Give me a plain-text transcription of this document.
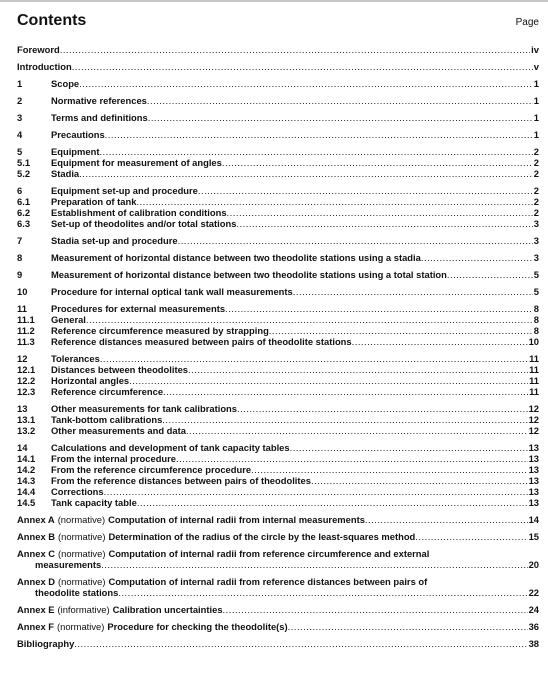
Contents	Page
Foreword .....	iv
Introduction .....	v
1	Scope .....	1
2	Normative references .....	1
3	Terms and definitions .....	1
4	Precautions .....	1
5	Equipment .....	2
5.1	Equipment for measurement of angles .....	2
5.2	Stadia .....	2
6	Equipment set-up and procedure .....	2
6.1	Preparation of tank .....	2
6.2	Establishment of calibration conditions .....	2
6.3	Set-up of theodolites and/or total stations .....	3
7	Stadia set-up and procedure .....	3
8	Measurement of horizontal distance between two theodolite stations using a stadia .....	3
9	Measurement of horizontal distance between two theodolite stations using a total station .....	5
10	Procedure for internal optical tank wall measurements .....	5
11	Procedures for external measurements .....	8
11.1	General .....	8
11.2	Reference circumference measured by strapping .....	8
11.3	Reference distances measured between pairs of theodolite stations .....	10
12	Tolerances .....	11
12.1	Distances between theodolites .....	11
12.2	Horizontal angles .....	11
12.3	Reference circumference .....	11
13	Other measurements for tank calibrations .....	12
13.1	Tank-bottom calibrations .....	12
13.2	Other measurements and data .....	12
14	Calculations and development of tank capacity tables .....	13
14.1	From the internal procedure .....	13
14.2	From the reference circumference procedure .....	13
14.3	From the reference distances between pairs of theodolites .....	13
14.4	Corrections .....	13
14.5	Tank capacity table .....	13
Annex A (normative) Computation of internal radii from internal measurements .....	14
Annex B (normative) Determination of the radius of the circle by the least-squares method .....	15
Annex C (normative) Computation of internal radii from reference circumference and external
measurements .....	20
Annex D (normative) Computation of internal radii from reference distances between pairs of
theodolite stations .....	22
Annex E (informative) Calibration uncertainties .....	24
Annex F (normative) Procedure for checking the theodolite(s) .....	36
Bibliography .....	38
